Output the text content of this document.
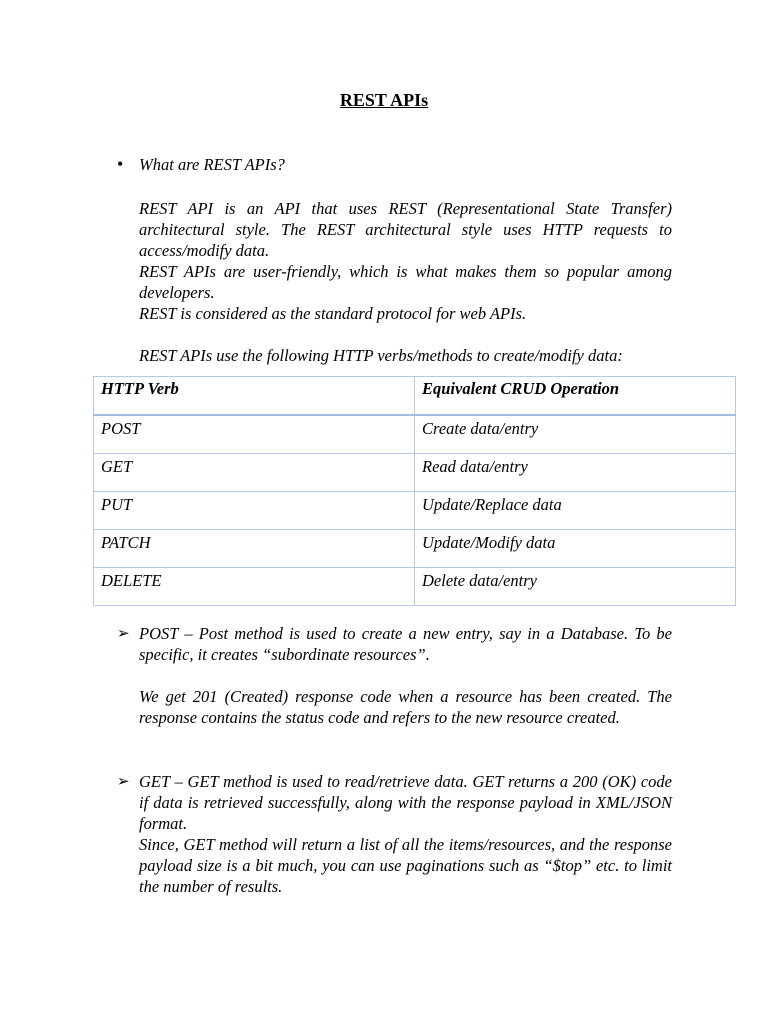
REST APIs
• What are REST APIs?

REST API is an API that uses REST (Representational State Transfer) architectural style. The REST architectural style uses HTTP requests to access/modify data.

REST APIs are user-friendly, which is what makes them so popular among developers.

REST is considered as the standard protocol for web APIs.

REST APIs use the following HTTP verbs/methods to create/modify data:
HTTP Verb	Equivalent CRUD Operation
POST	Create data/entry
GET	Read data/entry
PUT	Update/Replace data
PATCH	Update/Modify data
DELETE	Delete data/entry
➢ POST – Post method is used to create a new entry, say in a Database. To be specific, it creates “subordinate resources”.

We get 201 (Created) response code when a resource has been created. The response contains the status code and refers to the new resource created.

➢ GET – GET method is used to read/retrieve data. GET returns a 200 (OK) code if data is retrieved successfully, along with the response payload in XML/JSON format.

Since, GET method will return a list of all the items/resources, and the response payload size is a bit much, you can use paginations such as “$top” etc. to limit the number of results.
